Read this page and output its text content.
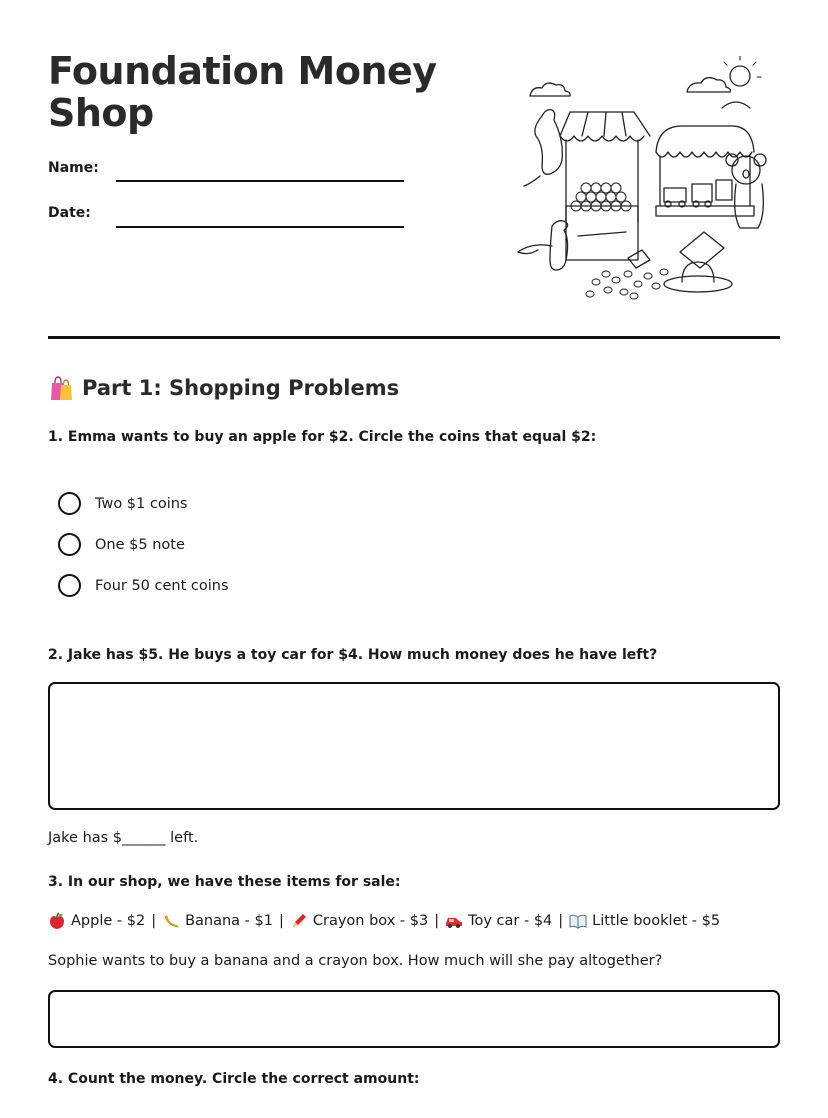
Foundation Money Shop
Name:
Date:
Part 1: Shopping Problems
1. Emma wants to buy an apple for $2. Circle the coins that equal $2:
Two $1 coins
One $5 note
Four 50 cent coins
2. Jake has $5. He buys a toy car for $4. How much money does he have left?
Jake has $______ left.
3. In our shop, we have these items for sale:
Apple - $2 | Banana - $1 | Crayon box - $3 | Toy car - $4 | Little booklet - $5
Sophie wants to buy a banana and a crayon box. How much will she pay altogether?
4. Count the money. Circle the correct amount:
